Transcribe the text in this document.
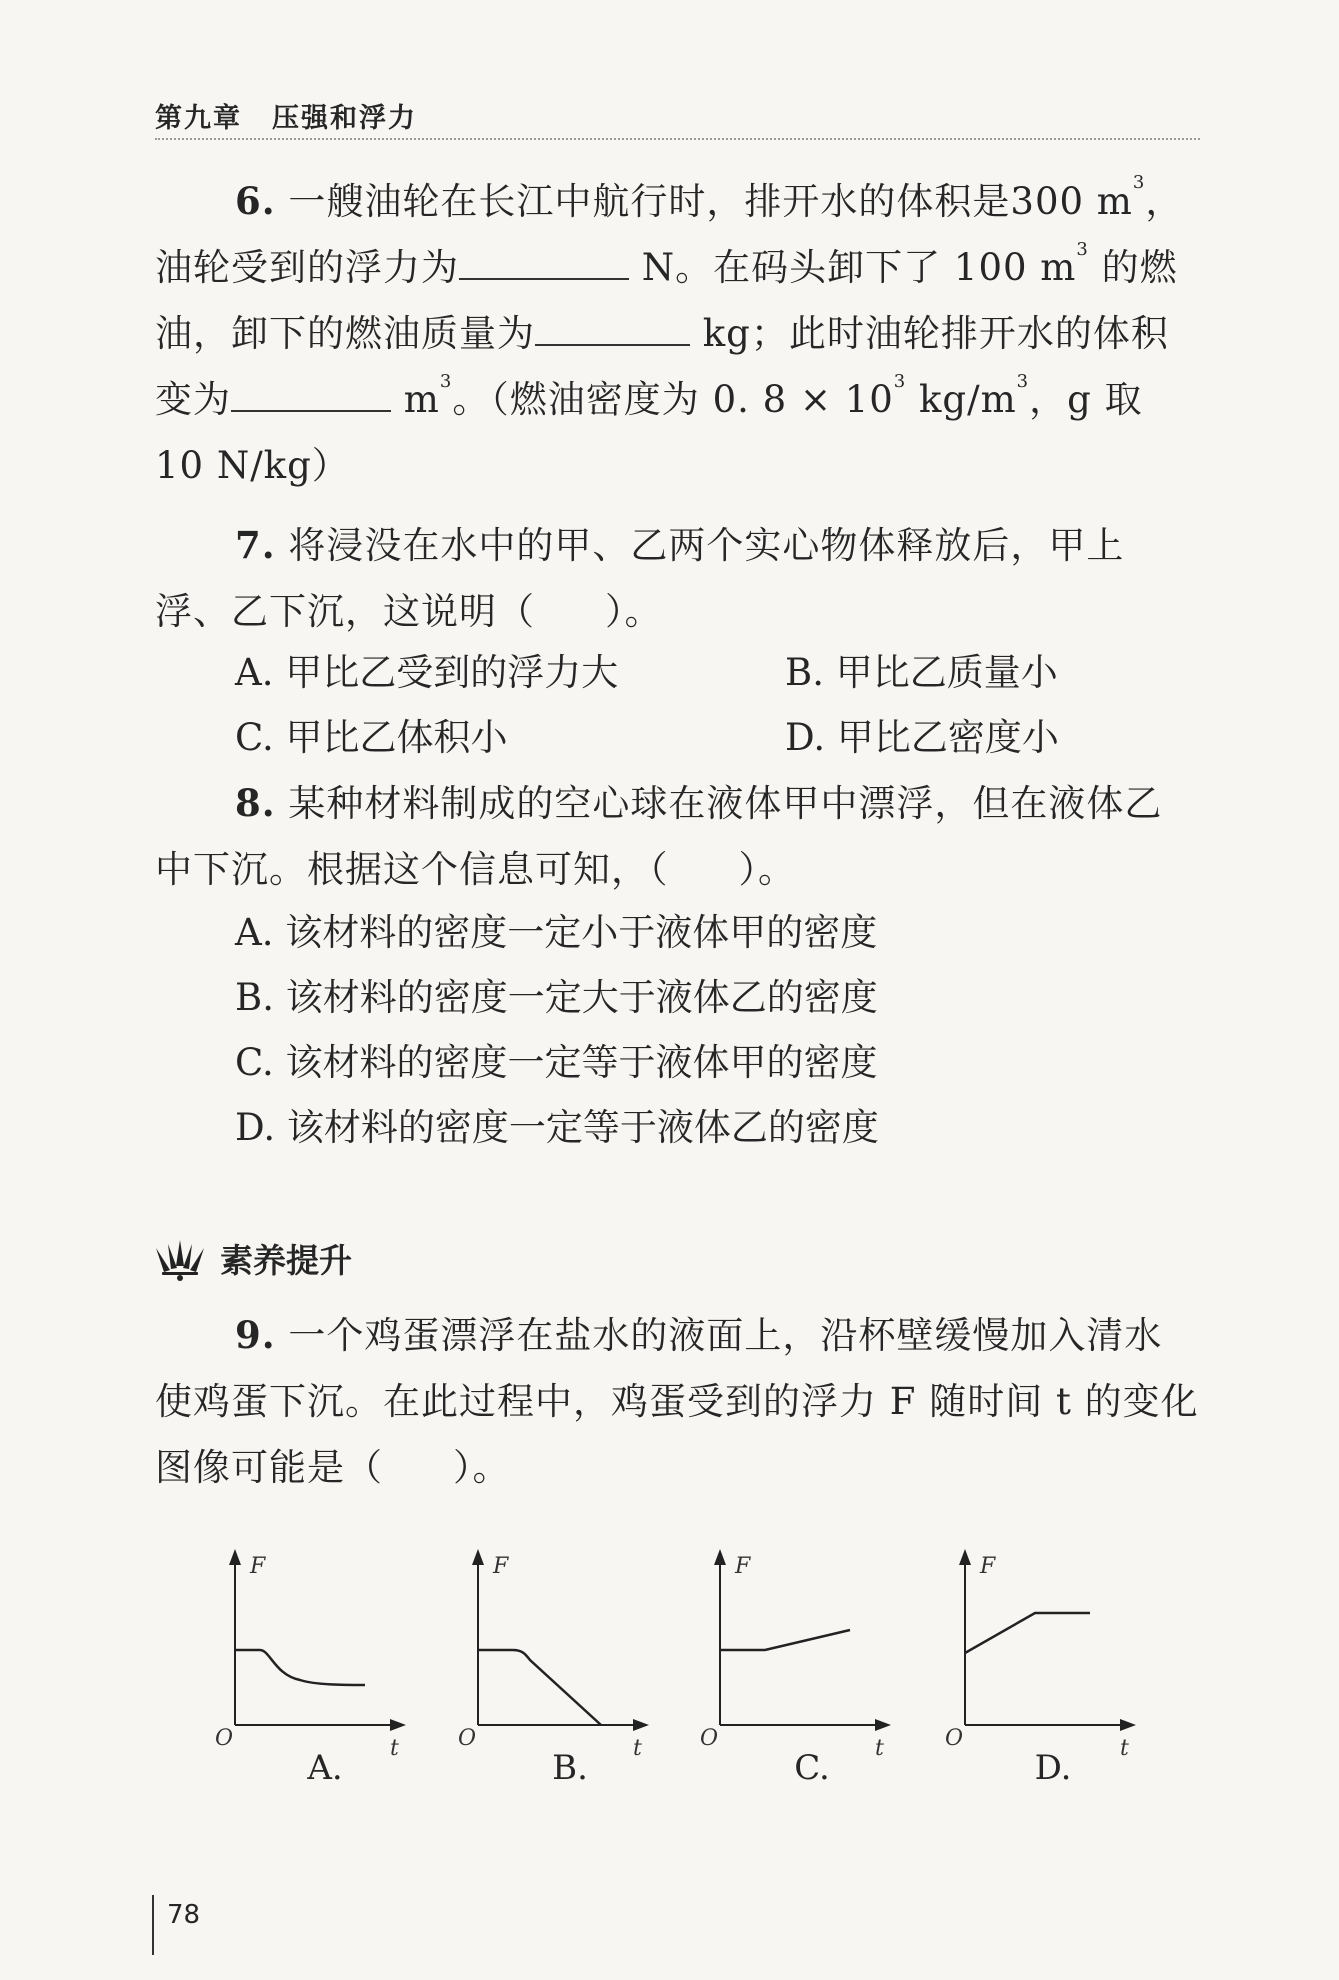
第九章 压强和浮力
6. 一艘油轮在长江中航行时，排开水的体积是300 $m^3$，油轮受到的浮力为	N。在码头卸下了 100 $m^3$ 的燃油，卸下的燃油质量为	kg；此时油轮排开水的体积变为	$m^3$。（燃油密度为 0. $8 \times 10^3$ $kg/m^3$，g 取 10 N/kg）
7. 将浸没在水中的甲、乙两个实心物体释放后，甲上浮、乙下沉，这说明（ ）。
A. 甲比乙受到的浮力大	B. 甲比乙质量小
C. 甲比乙体积小	D. 甲比乙密度小
8. 某种材料制成的空心球在液体甲中漂浮，但在液体乙中下沉。根据这个信息可知，（ ）。
A. 该材料的密度一定小于液体甲的密度
B. 该材料的密度一定大于液体乙的密度
C. 该材料的密度一定等于液体甲的密度
D. 该材料的密度一定等于液体乙的密度
素养提升
9. 一个鸡蛋漂浮在盐水的液面上，沿杯壁缓慢加入清水使鸡蛋下沉。在此过程中，鸡蛋受到的浮力 F 随时间 t 的变化图像可能是（ ）。
F
O	t
A.
F
O	t
B.
F
O	t
C.
F
O	t
D.
78
